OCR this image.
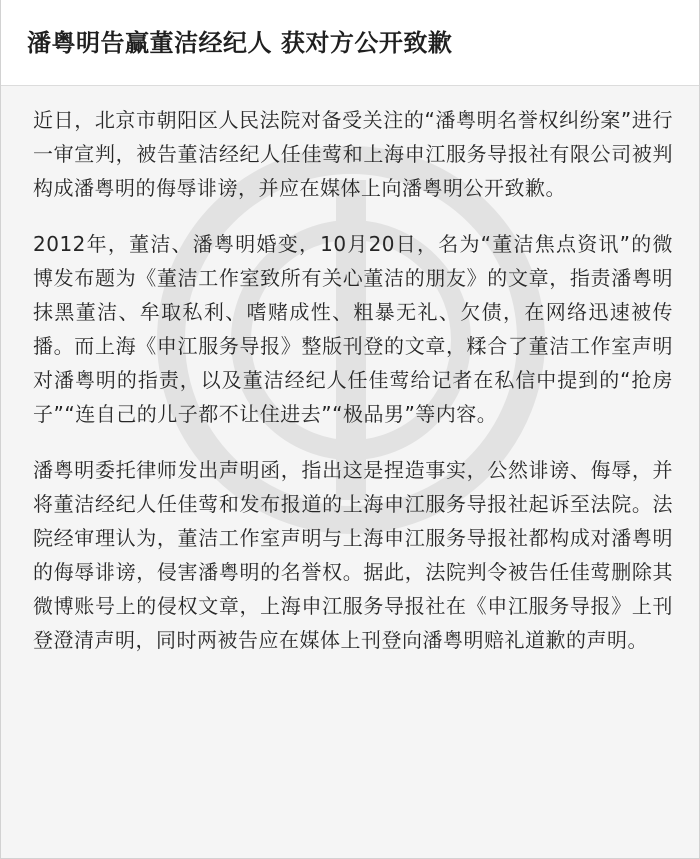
潘粤明告赢董洁经纪人 获对方公开致歉

近日，北京市朝阳区人民法院对备受关注的“潘粤明名誉权纠纷案”进行一审宣判，被告董洁经纪人任佳莺和上海申江服务导报社有限公司被判构成潘粤明的侮辱诽谤，并应在媒体上向潘粤明公开致歉。

2012年，董洁、潘粤明婚变，10月20日，名为“董洁焦点资讯”的微博发布题为《董洁工作室致所有关心董洁的朋友》的文章，指责潘粤明抹黑董洁、牟取私利、嗜赌成性、粗暴无礼、欠债，在网络迅速被传播。而上海《申江服务导报》整版刊登的文章，糅合了董洁工作室声明对潘粤明的指责，以及董洁经纪人任佳莺给记者在私信中提到的“抢房子”“连自己的儿子都不让住进去”“极品男”等内容。

潘粤明委托律师发出声明函，指出这是捏造事实，公然诽谤、侮辱，并将董洁经纪人任佳莺和发布报道的上海申江服务导报社起诉至法院。法院经审理认为，董洁工作室声明与上海申江服务导报社都构成对潘粤明的侮辱诽谤，侵害潘粤明的名誉权。据此，法院判令被告任佳莺删除其微博账号上的侵权文章，上海申江服务导报社在《申江服务导报》上刊登澄清声明，同时两被告应在媒体上刊登向潘粤明赔礼道歉的声明。
